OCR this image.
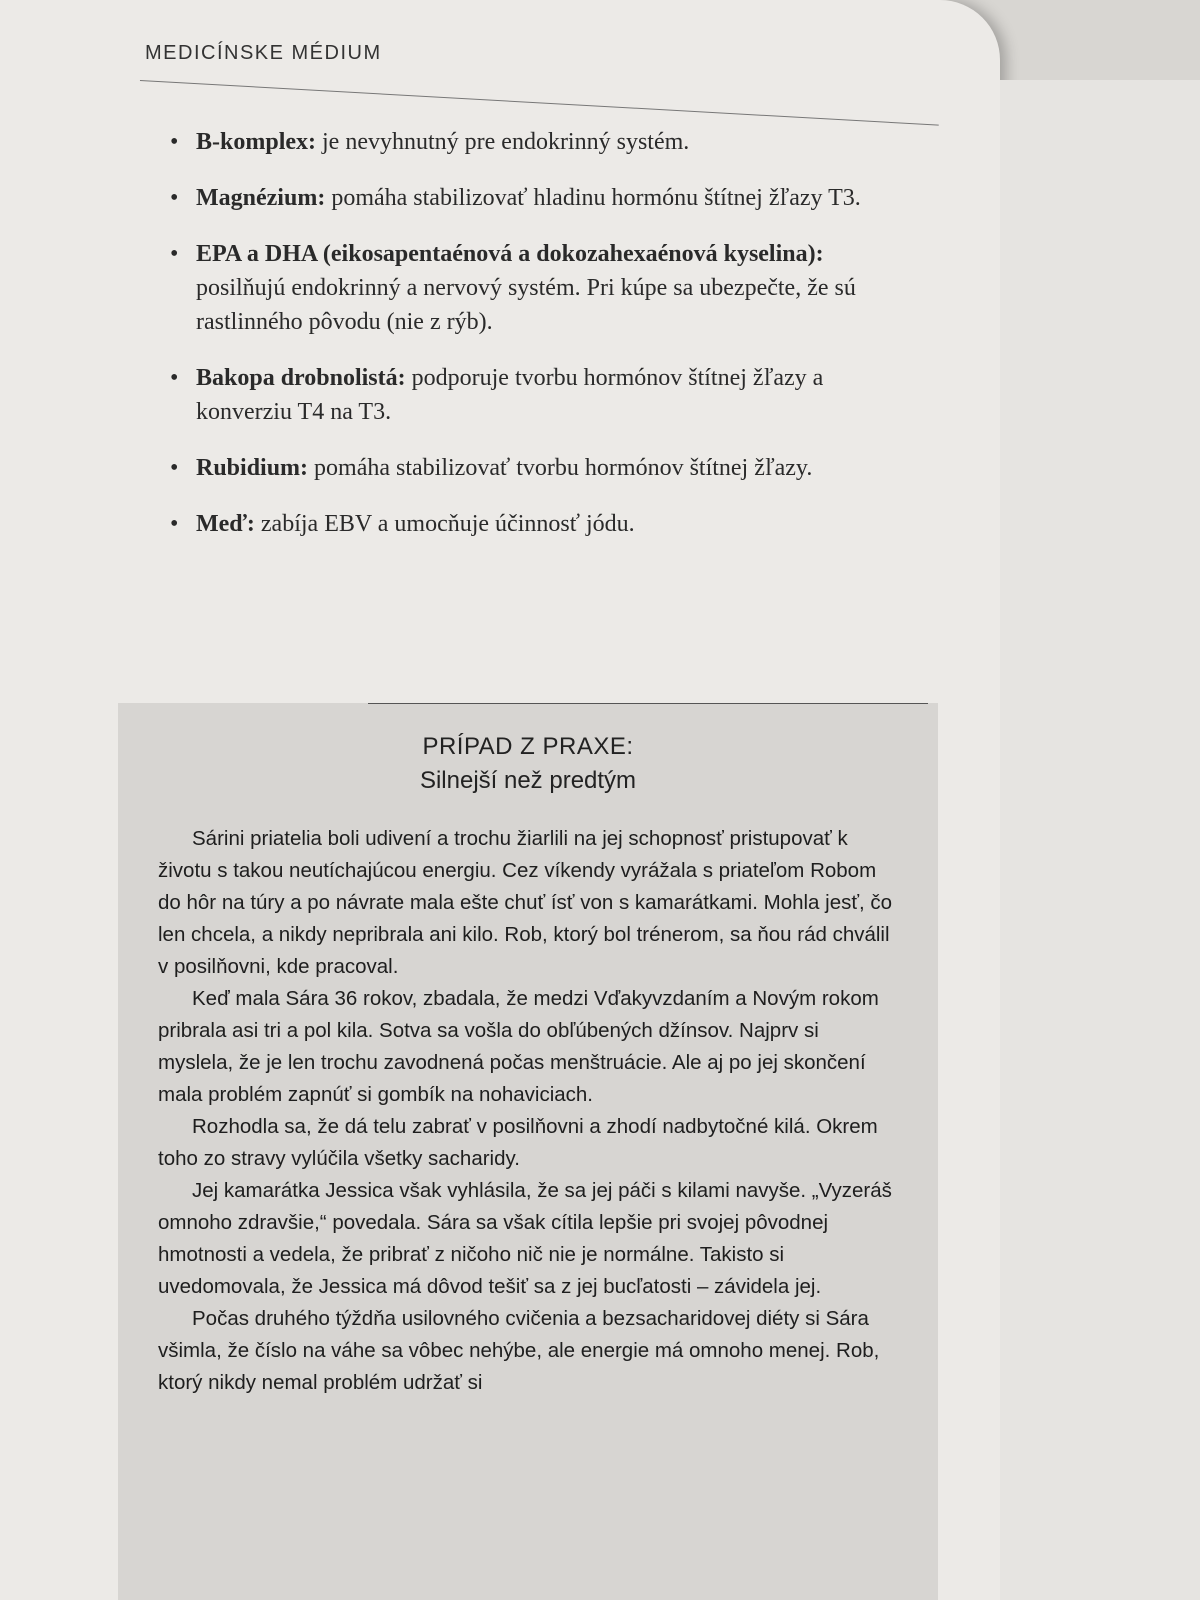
MEDICÍNSKE MÉDIUM
• B-komplex: je nevyhnutný pre endokrinný systém.
• Magnézium: pomáha stabilizovať hladinu hormónu štítnej žľazy T3.
• EPA a DHA (eikosapentaénová a dokozahexaénová kyselina): posilňujú endokrinný a nervový systém. Pri kúpe sa ubezpečte, že sú rastlinného pôvodu (nie z rýb).
• Bakopa drobnolistá: podporuje tvorbu hormónov štítnej žľazy a konverziu T4 na T3.
• Rubidium: pomáha stabilizovať tvorbu hormónov štítnej žľazy.
• Meď: zabíja EBV a umocňuje účinnosť jódu.
PRÍPAD Z PRAXE:
Silnejší než predtým

Sárini priatelia boli udivení a trochu žiarlili na jej schopnosť pristupovať k životu s takou neutíchajúcou energiu. Cez víkendy vyrážala s priateľom Robom do hôr na túry a po návrate mala ešte chuť ísť von s kamarátkami. Mohla jesť, čo len chcela, a nikdy nepribrala ani kilo. Rob, ktorý bol trénerom, sa ňou rád chválil v posilňovni, kde pracoval.

Keď mala Sára 36 rokov, zbadala, že medzi Vďakyvzdaním a Novým rokom pribrala asi tri a pol kila. Sotva sa vošla do obľúbených džínsov. Najprv si myslela, že je len trochu zavodnená počas menštruácie. Ale aj po jej skončení mala problém zapnúť si gombík na nohaviciach.

Rozhodla sa, že dá telu zabrať v posilňovni a zhodí nadbytočné kilá. Okrem toho zo stravy vylúčila všetky sacharidy.

Jej kamarátka Jessica však vyhlásila, že sa jej páči s kilami navyše. „Vyzeráš omnoho zdravšie,“ povedala. Sára sa však cítila lepšie pri svojej pôvodnej hmotnosti a vedela, že pribrať z ničoho nič nie je normálne. Takisto si uvedomovala, že Jessica má dôvod tešiť sa z jej bucľatosti – závidela jej.

Počas druhého týždňa usilovného cvičenia a bezsacharidovej diéty si Sára všimla, že číslo na váhe sa vôbec nehýbe, ale energie má omnoho menej. Rob, ktorý nikdy nemal problém udržať si
